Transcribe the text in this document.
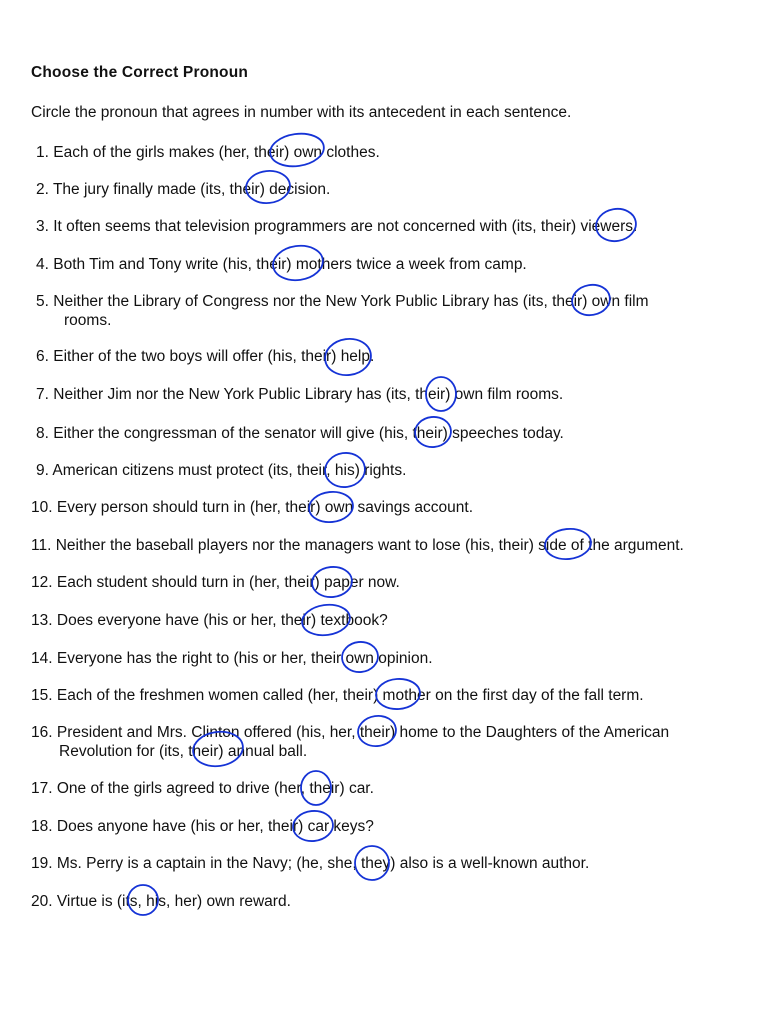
Choose the Correct Pronoun
Circle the pronoun that agrees in number with its antecedent in each sentence.
1. Each of the girls makes (her, their) own clothes.
2. The jury finally made (its, their) decision.
3. It often seems that television programmers are not concerned with (its, their) viewers.
4. Both Tim and Tony write (his, their) mothers twice a week from camp.
5. Neither the Library of Congress nor the New York Public Library has (its, their) own film
rooms.
6. Either of the two boys will offer (his, their) help.
7. Neither Jim nor the New York Public Library has (its, their) own film rooms.
8. Either the congressman of the senator will give (his, their) speeches today.
9. American citizens must protect (its, their, his) rights.
10. Every person should turn in (her, their) own savings account.
11. Neither the baseball players nor the managers want to lose (his, their) side of the argument.
12. Each student should turn in (her, their) paper now.
13. Does everyone have (his or her, their) textbook?
14. Everyone has the right to (his or her, their own opinion.
15. Each of the freshmen women called (her, their) mother on the first day of the fall term.
16. President and Mrs. Clinton offered (his, her, their) home to the Daughters of the American
Revolution for (its, their) annual ball.
17. One of the girls agreed to drive (her, their) car.
18. Does anyone have (his or her, their) car keys?
19. Ms. Perry is a captain in the Navy; (he, she, they) also is a well-known author.
20. Virtue is (its, his, her) own reward.
